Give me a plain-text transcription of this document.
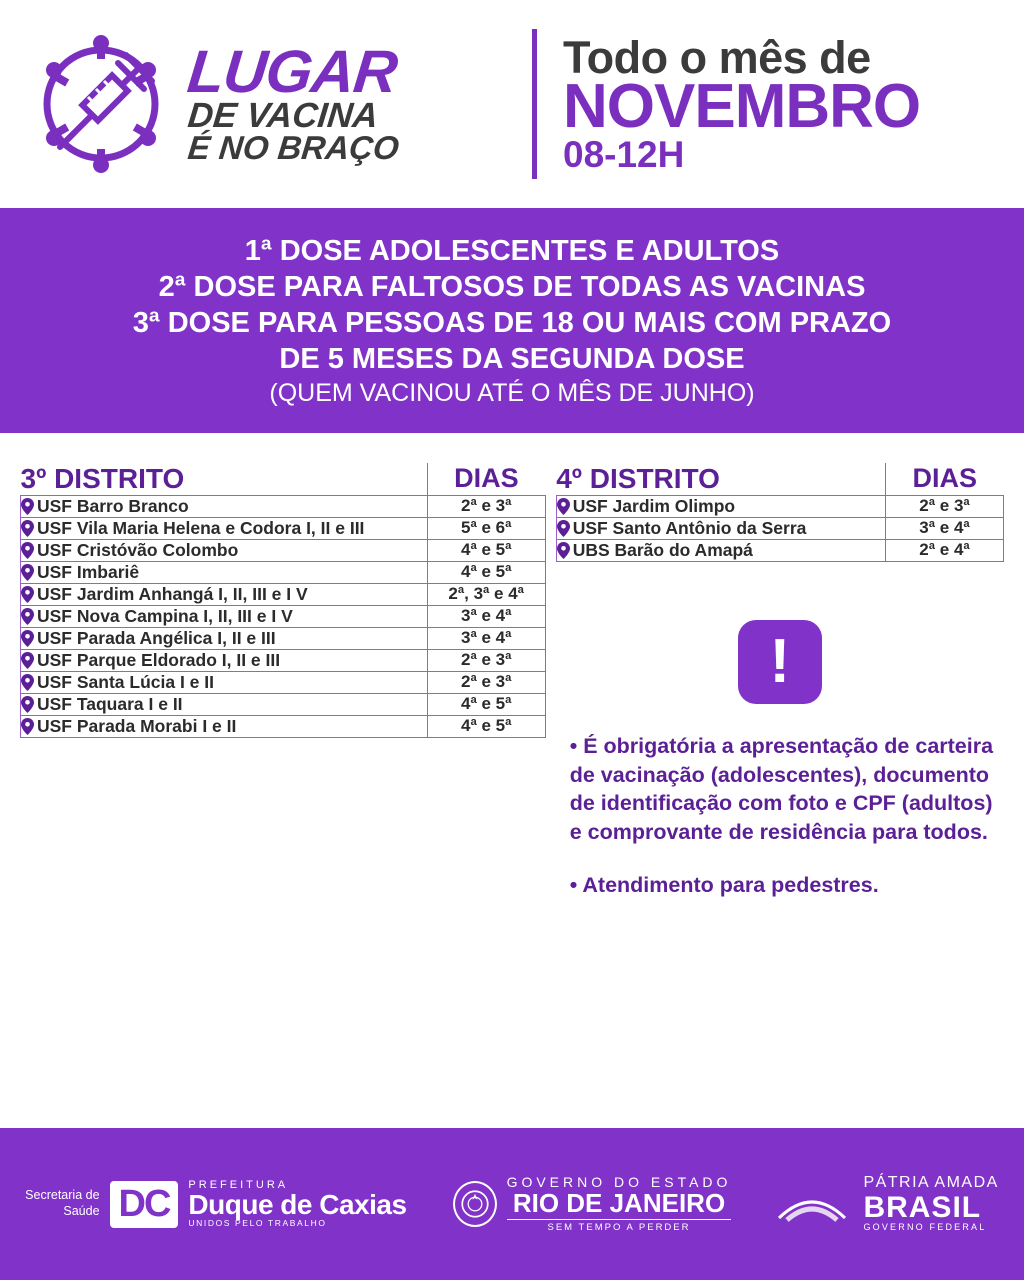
LUGAR
DE VACINA
É NO BRAÇO
Todo o mês de
NOVEMBRO
08-12H
1ª DOSE ADOLESCENTES E ADULTOS
2ª DOSE PARA FALTOSOS DE TODAS AS VACINAS
3ª DOSE PARA PESSOAS DE 18 OU MAIS COM PRAZO
DE 5 MESES DA SEGUNDA DOSE
(QUEM VACINOU ATÉ O MÊS DE JUNHO)
3º DISTRITO	DIAS
USF Barro Branco	2ª e 3ª
USF Vila Maria Helena e Codora I, II e III	5ª e 6ª
USF Cristóvão Colombo	4ª e 5ª
USF Imbariê	4ª e 5ª
USF Jardim Anhangá I, II, III e I V	2ª, 3ª e 4ª
USF Nova Campina I, II, III e I V	3ª e 4ª
USF Parada Angélica I, II e III	3ª e 4ª
USF Parque Eldorado I, II e III	2ª e 3ª
USF Santa Lúcia I e II	2ª e 3ª
USF Taquara I e II	4ª e 5ª
USF Parada Morabi I e II	4ª e 5ª
4º DISTRITO	DIAS
USF Jardim Olimpo	2ª e 3ª
USF Santo Antônio da Serra	3ª e 4ª
UBS Barão do Amapá	2ª e 4ª
!
• É obrigatória a apresentação de carteira de vacinação (adolescentes), documento de identificação com foto e CPF (adultos) e comprovante de residência para todos.
• Atendimento para pedestres.
Secretaria de
Saúde DC	PREFEITURA
Duque de Caxias
UNIDOS PELO TRABALHO
GOVERNO DO ESTADO
RIO DE JANEIRO
SEM TEMPO A PERDER
PÁTRIA AMADA
BRASIL
GOVERNO FEDERAL
